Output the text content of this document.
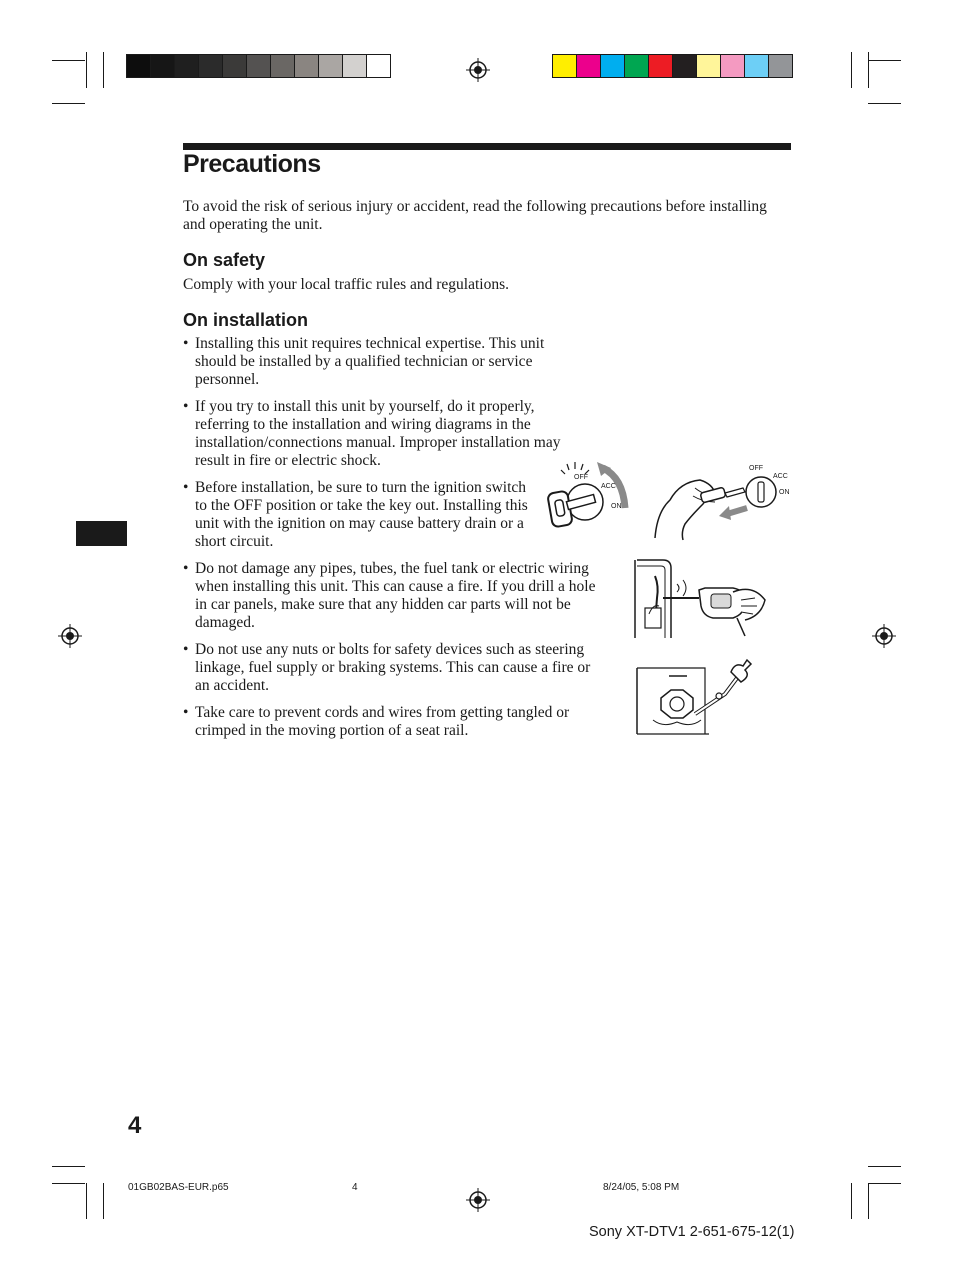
Precautions

To avoid the risk of serious injury or accident, read the following precautions before installing and operating the unit.

On safety

Comply with your local traffic rules and regulations.

On installation
• Installing this unit requires technical expertise. This unit should be installed by a qualified technician or service personnel.
• If you try to install this unit by yourself, do it properly, referring to the installation and wiring diagrams in the installation/connections manual. Improper installation may result in fire or electric shock.
• Before installation, be sure to turn the ignition switch to the OFF position or take the key out. Installing this unit with the ignition on may cause battery drain or a short circuit.
• Do not damage any pipes, tubes, the fuel tank or electric wiring when installing this unit. This can cause a fire. If you drill a hole in car panels, make sure that any hidden car parts will not be damaged.
• Do not use any nuts or bolts for safety devices such as steering linkage, fuel supply or braking systems. This can cause a fire or an accident.
• Take care to prevent cords and wires from getting tangled or crimped in the moving portion of a seat rail.
OFF
ACC
ON
OFF
ACC
ON
4
01GB02BAS-EUR.p65	4	8/24/05, 5:08 PM
Sony XT-DTV1 2-651-675-12(1)
